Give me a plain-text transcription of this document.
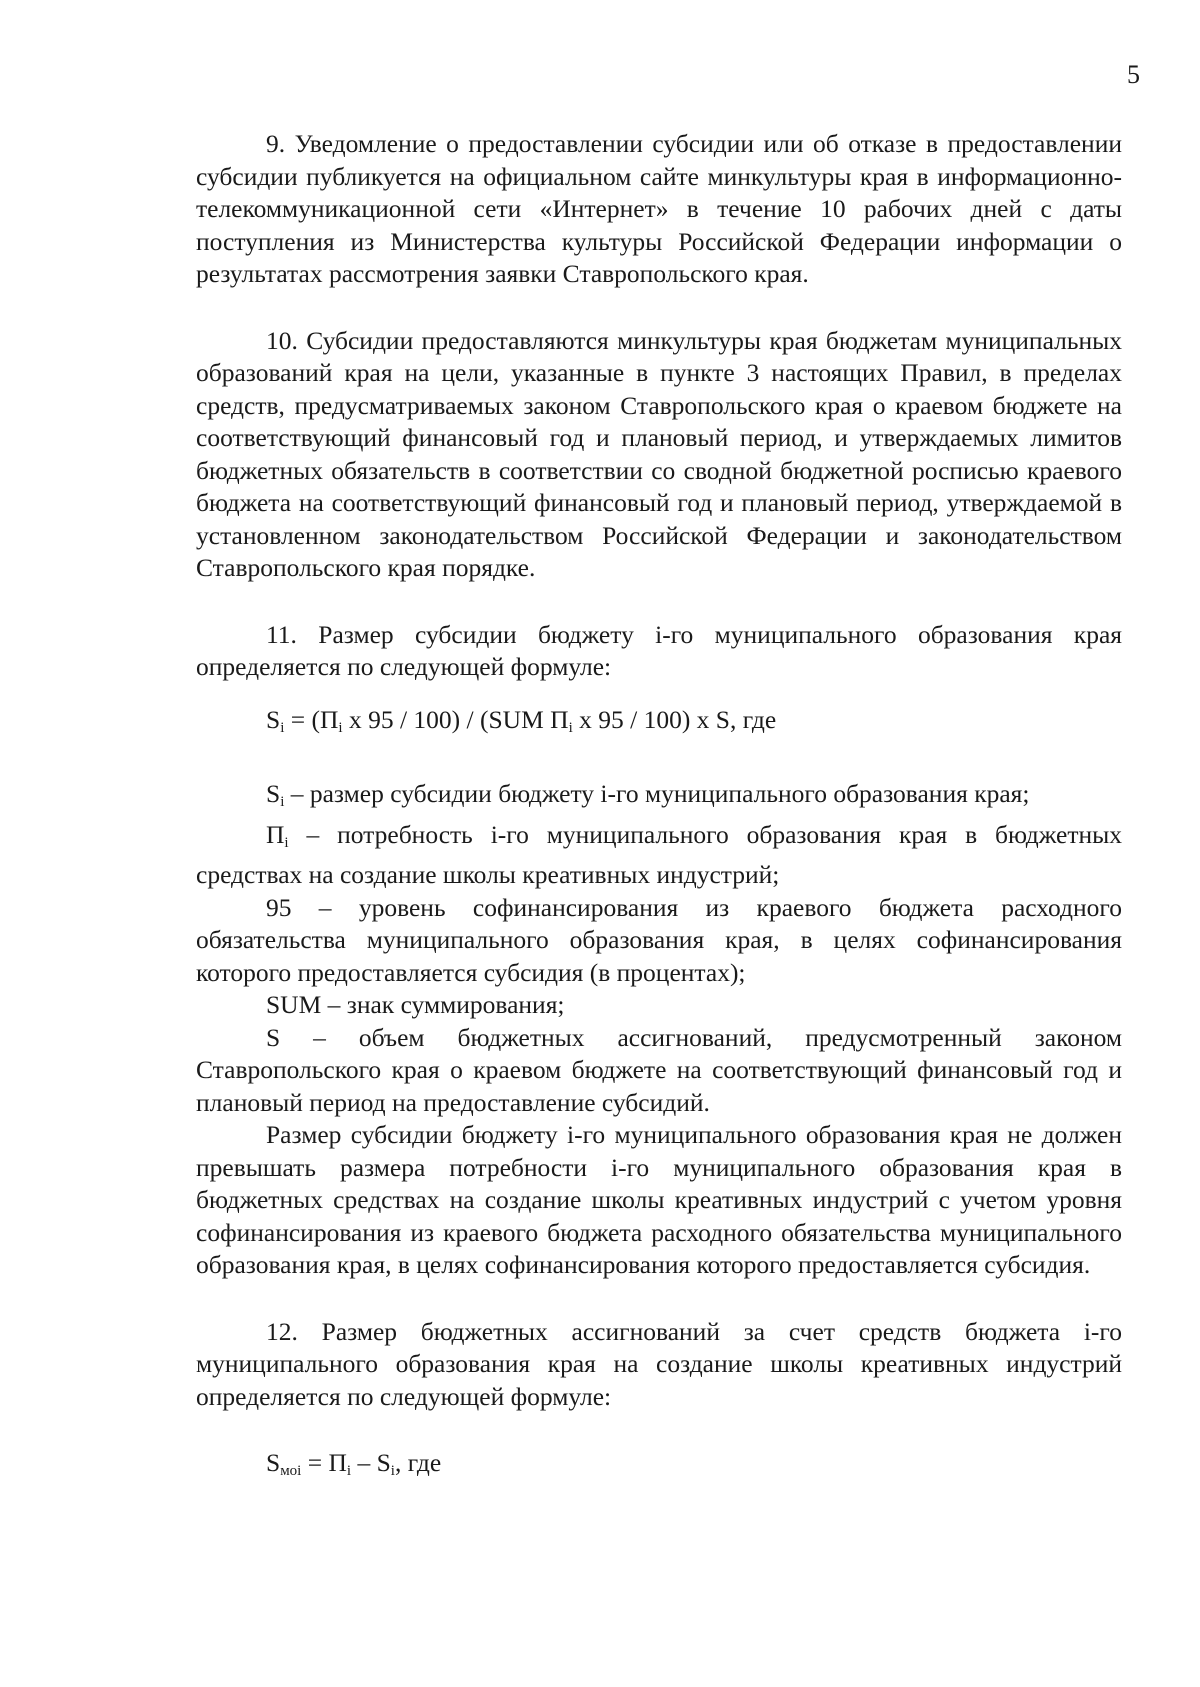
5

9. Уведомление о предоставлении субсидии или об отказе в предоставлении субсидии публикуется на официальном сайте минкультуры края в информационно-телекоммуникационной сети «Интернет» в течение 10 рабочих дней с даты поступления из Министерства культуры Российской Федерации информации о результатах рассмотрения заявки Ставропольского края.

10. Субсидии предоставляются минкультуры края бюджетам муниципальных образований края на цели, указанные в пункте 3 настоящих Правил, в пределах средств, предусматриваемых законом Ставропольского края о краевом бюджете на соответствующий финансовый год и плановый период, и утверждаемых лимитов бюджетных обязательств в соответствии со сводной бюджетной росписью краевого бюджета на соответствующий финансовый год и плановый период, утверждаемой в установленном законодательством Российской Федерации и законодательством Ставропольского края порядке.

11. Размер субсидии бюджету i-го муниципального образования края определяется по следующей формуле:

$S_i = (П_i$ x 95 / 100) / (SUM $П_i$ x 95 / 100) x S, где

$S_i$ – размер субсидии бюджету i-го муниципального образования края;

$П_i$ – потребность i-го муниципального образования края в бюджетных средствах на создание школы креативных индустрий;

95 – уровень софинансирования из краевого бюджета расходного обязательства муниципального образования края, в целях софинансирования которого предоставляется субсидия (в процентах);

SUM – знак суммирования;

S – объем бюджетных ассигнований, предусмотренный законом Ставропольского края о краевом бюджете на соответствующий финансовый год и плановый период на предоставление субсидий.

Размер субсидии бюджету i-го муниципального образования края не должен превышать размера потребности i-го муниципального образования края в бюджетных средствах на создание школы креативных индустрий с учетом уровня софинансирования из краевого бюджета расходного обязательства муниципального образования края, в целях софинансирования которого предоставляется субсидия.

12. Размер бюджетных ассигнований за счет средств бюджета i-го муниципального образования края на создание школы креативных индустрий определяется по следующей формуле:

$S_{мoi} = П_i - S_i$, где
